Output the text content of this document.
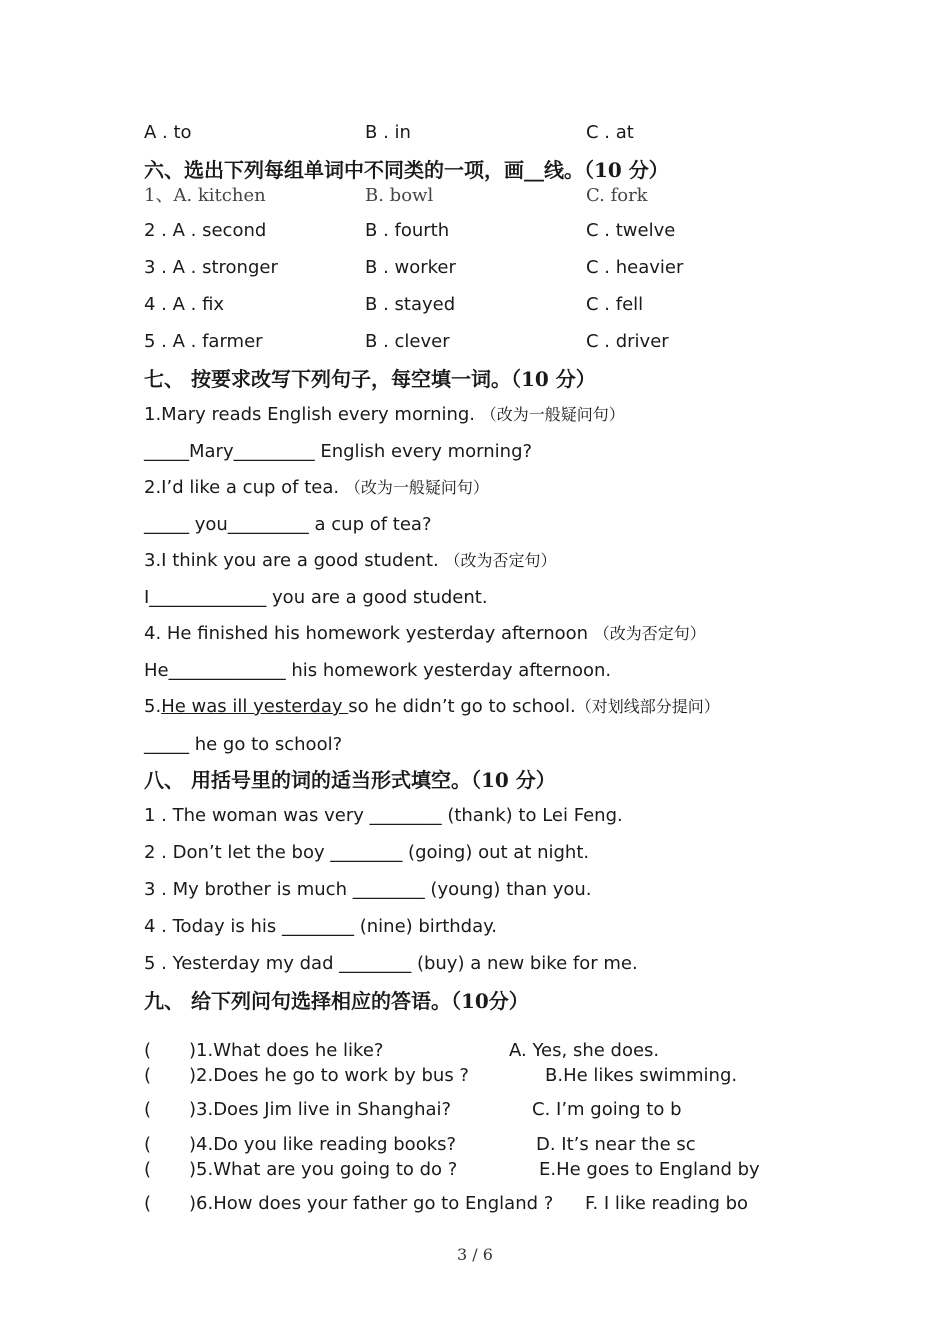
A . to	B . in	C . at
六、选出下列每组单词中不同类的一项，画__线。（10 分）
1、A. kitchen	B. bowl	C. fork
2 . A . second	B . fourth	C . twelve
3 . A . stronger	B . worker	C . heavier
4 . A . fix	B . stayed	C . fell
5 . A . farmer	B . clever	C . driver
七、 按要求改写下列句子，每空填一词。（10 分）
1.Mary reads English every morning. （改为一般疑问句）
_____Mary_________ English every morning?
2.I’d like a cup of tea. （改为一般疑问句）
_____ you_________ a cup of tea?
3.I think you are a good student. （改为否定句）
I_____________ you are a good student.
4. He finished his homework yesterday afternoon （改为否定句）
He_____________ his homework yesterday afternoon.
5.He was ill yesterday so he didn’t go to school.（对划线部分提问）
_____ he go to school?
八、 用括号里的词的适当形式填空。（10 分）
1 . The woman was very ________ (thank) to Lei Feng.
2 . Don’t let the boy ________ (going) out at night.
3 . My brother is much ________ (young) than you.
4 . Today is his ________ (nine) birthday.
5 . Yesterday my dad ________ (buy) a new bike for me.
九、 给下列问句选择相应的答语。（10分）
( )1.What does he like?	A. Yes, she does.
( )2.Does he go to work by bus ?	B.He likes swimming.
( )3.Does Jim live in Shanghai?	C. I’m going to b
( )4.Do you like reading books?	D. It’s near the sc
( )5.What are you going to do ?	E.He goes to England by
( )6.How does your father go to England ? F. I like reading bo
3 / 6
